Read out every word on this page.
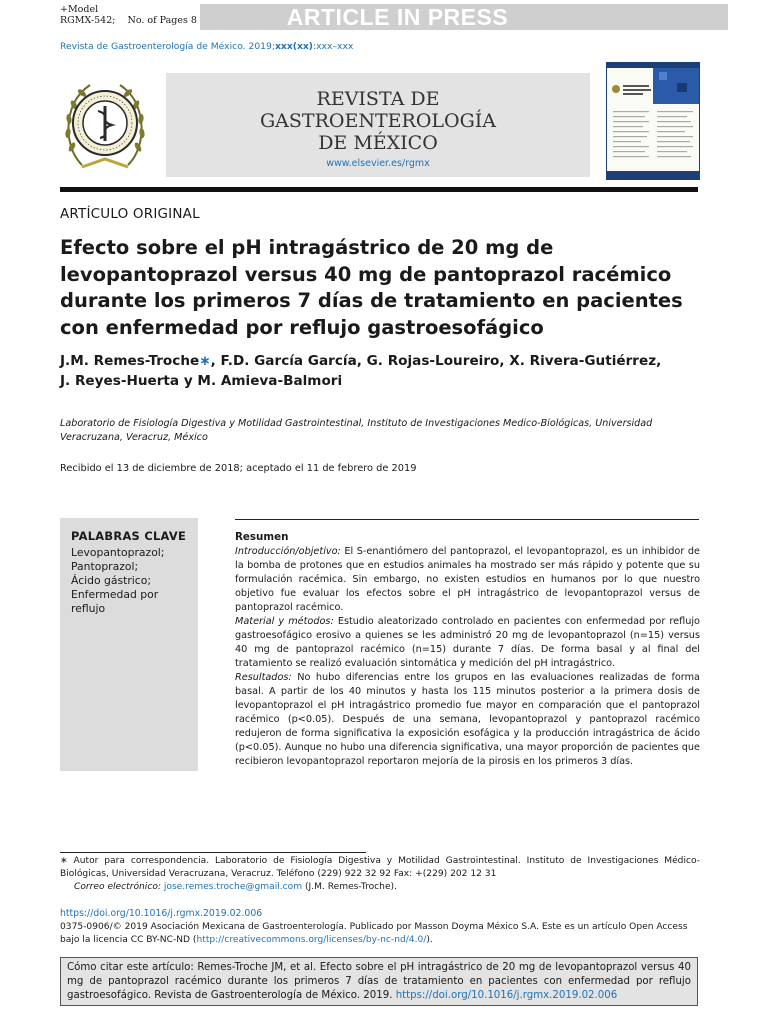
+Model
RGMX-542;    No. of Pages 8	ARTICLE IN PRESS
Revista de Gastroenterología de México. 2019;xxx(xx):xxx–xxx
REVISTA DE
GASTROENTEROLOGÍA
DE MÉXICO
www.elsevier.es/rgmx
ARTÍCULO ORIGINAL
Efecto sobre el pH intragástrico de 20 mg de levopantoprazol versus 40 mg de pantoprazol racémico durante los primeros 7 días de tratamiento en pacientes con enfermedad por reflujo gastroesofágico
J.M. Remes-Troche∗, F.D. García García, G. Rojas-Loureiro, X. Rivera-Gutiérrez,
J. Reyes-Huerta y M. Amieva-Balmori
Laboratorio de Fisiología Digestiva y Motilidad Gastrointestinal, Instituto de Investigaciones Medico-Biológicas, Universidad Veracruzana, Veracruz, México
Recibido el 13 de diciembre de 2018; aceptado el 11 de febrero de 2019
PALABRAS CLAVE
Levopantoprazol;
Pantoprazol;
Ácido gástrico;
Enfermedad por reflujo
Resumen
Introducción/objetivo: El S-enantiómero del pantoprazol, el levopantoprazol, es un inhibidor de la bomba de protones que en estudios animales ha mostrado ser más rápido y potente que su formulación racémica. Sin embargo, no existen estudios en humanos por lo que nuestro objetivo fue evaluar los efectos sobre el pH intragástrico de levopantoprazol versus de pantoprazol racémico.
Material y métodos: Estudio aleatorizado controlado en pacientes con enfermedad por reflujo gastroesofágico erosivo a quienes se les administró 20 mg de levopantoprazol (n=15) versus 40 mg de pantoprazol racémico (n=15) durante 7 días. De forma basal y al final del tratamiento se realizó evaluación sintomática y medición del pH intragástrico.
Resultados: No hubo diferencias entre los grupos en las evaluaciones realizadas de forma basal. A partir de los 40 minutos y hasta los 115 minutos posterior a la primera dosis de levopantoprazol el pH intragástrico promedio fue mayor en comparación que el pantoprazol racémico (p<0.05). Después de una semana, levopantoprazol y pantoprazol racémico redujeron de forma significativa la exposición esofágica y la producción intragástrica de ácido (p<0.05). Aunque no hubo una diferencia significativa, una mayor proporción de pacientes que recibieron levopantoprazol reportaron mejoría de la pirosis en los primeros 3 días.
∗ Autor para correspondencia. Laboratorio de Fisiología Digestiva y Motilidad Gastrointestinal. Instituto de Investigaciones Médico-Biológicas, Universidad Veracruzana, Veracruz. Teléfono (229) 922 32 92 Fax: +(229) 202 12 31
Correo electrónico: jose.remes.troche@gmail.com (J.M. Remes-Troche).
https://doi.org/10.1016/j.rgmx.2019.02.006
0375-0906/© 2019 Asociación Mexicana de Gastroenterología. Publicado por Masson Doyma México S.A. Este es un artículo Open Access bajo la licencia CC BY-NC-ND (http://creativecommons.org/licenses/by-nc-nd/4.0/).
Cómo citar este artículo: Remes-Troche JM, et al. Efecto sobre el pH intragástrico de 20 mg de levopantoprazol versus 40 mg de pantoprazol racémico durante los primeros 7 días de tratamiento en pacientes con enfermedad por reflujo gastroesofágico. Revista de Gastroenterología de México. 2019. https://doi.org/10.1016/j.rgmx.2019.02.006
